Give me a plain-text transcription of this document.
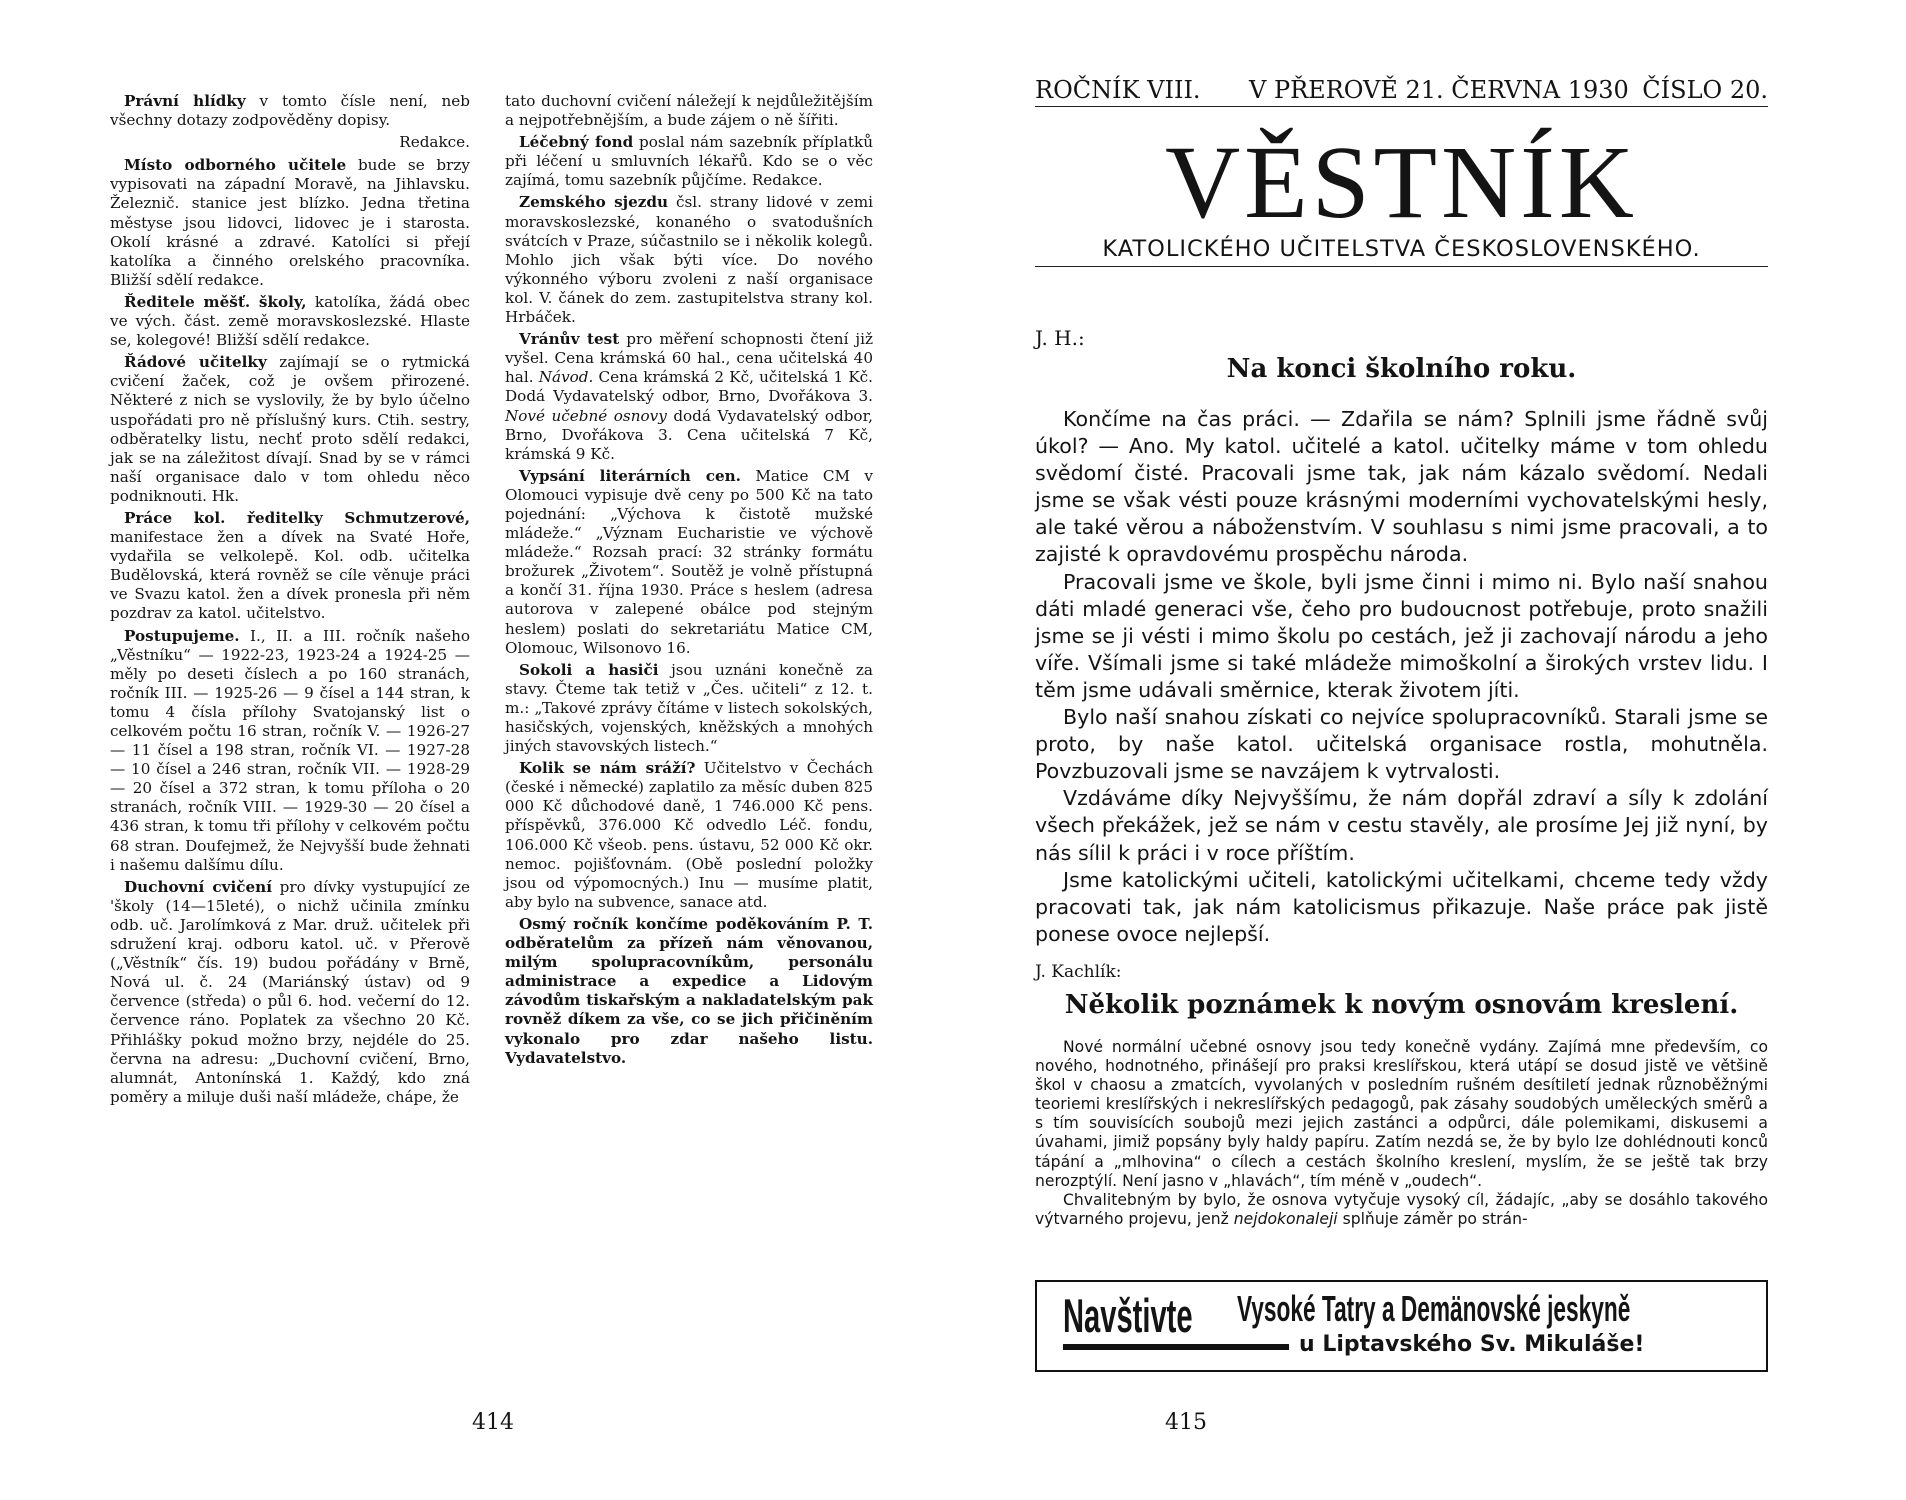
Právní hlídky v tomto čísle není, neb všechny dotazy zodpověděny dopisy.

Redakce.

Místo odborného učitele bude se brzy vypisovati na západní Moravě, na Jihlavsku. Železnič. stanice jest blízko. Jedna třetina městyse jsou lidovci, lidovec je i starosta. Okolí krásné a zdravé. Katolíci si přejí katolíka a činného orelského pracovníka. Bližší sdělí redakce.

Ředitele měšť. školy, katolíka, žádá obec ve vých. část. země moravskoslezské. Hlaste se, kolegové! Bližší sdělí redakce.

Řádové učitelky zajímají se o rytmická cvičení žaček, což je ovšem přirozené. Některé z nich se vyslovily, že by bylo účelno uspořádati pro ně příslušný kurs. Ctih. sestry, odběratelky listu, nechť proto sdělí redakci, jak se na záležitost dívají. Snad by se v rámci naší organisace dalo v tom ohledu něco podniknouti. Hk.

Práce kol. ředitelky Schmutzerové, manifestace žen a dívek na Svaté Hoře, vydařila se velkolepě. Kol. odb. učitelka Budělovská, která rovněž se cíle věnuje práci ve Svazu katol. žen a dívek pronesla při něm pozdrav za katol. učitelstvo.

Postupujeme. I., II. a III. ročník našeho „Věstníku“ — 1922-23, 1923-24 a 1924-25 — měly po deseti číslech a po 160 stranách, ročník III. — 1925-26 — 9 čísel a 144 stran, k tomu 4 čísla přílohy Svatojanský list o celkovém počtu 16 stran, ročník V. — 1926-27 — 11 čísel a 198 stran, ročník VI. — 1927-28 — 10 čísel a 246 stran, ročník VII. — 1928-29 — 20 čísel a 372 stran, k tomu příloha o 20 stranách, ročník VIII. — 1929-30 — 20 čísel a 436 stran, k tomu tři přílohy v celkovém počtu 68 stran. Doufejmež, že Nejvyšší bude žehnati i našemu dalšímu dílu.

Duchovní cvičení pro dívky vystupující ze 'školy (14—15leté), o nichž učinila zmínku odb. uč. Jarolímková z Mar. druž. učitelek při sdružení kraj. odboru katol. uč. v Přerově („Věstník“ čís. 19) budou pořádány v Brně, Nová ul. č. 24 (Mariánský ústav) od 9 července (středa) o půl 6. hod. večerní do 12. července ráno. Poplatek za všechno 20 Kč. Přihlášky pokud možno brzy, nejdéle do 25. června na adresu: „Duchovní cvičení, Brno, alumnát, Antonínská 1. Každý, kdo zná poměry a miluje duši naší mládeže, chápe, že

tato duchovní cvičení náležejí k nejdůležitějším a nejpotřebnějším, a bude zájem o ně šířiti.

Léčebný fond poslal nám sazebník příplatků při léčení u smluvních lékařů. Kdo se o věc zajímá, tomu sazebník půjčíme. Redakce.

Zemského sjezdu čsl. strany lidové v zemi moravskoslezské, konaného o svatodušních svátcích v Praze, súčastnilo se i několik kolegů. Mohlo jich však býti více. Do nového výkonného výboru zvoleni z naší organisace kol. V. čánek do zem. zastupitelstva strany kol. Hrbáček.

Vránův test pro měření schopnosti čtení již vyšel. Cena krámská 60 hal., cena učitelská 40 hal. Návod. Cena krámská 2 Kč, učitelská 1 Kč. Dodá Vydavatelský odbor, Brno, Dvořákova 3. Nové učebné osnovy dodá Vydavatelský odbor, Brno, Dvořákova 3. Cena učitelská 7 Kč, krámská 9 Kč.

Vypsání literárních cen. Matice CM v Olomouci vypisuje dvě ceny po 500 Kč na tato pojednání: „Výchova k čistotě mužské mládeže.“ „Význam Eucharistie ve výchově mládeže.“ Rozsah prací: 32 stránky formátu brožurek „Životem“. Soutěž je volně přístupná a končí 31. října 1930. Práce s heslem (adresa autorova v zalepené obálce pod stejným heslem) poslati do sekretariátu Matice CM, Olomouc, Wilsonovo 16.

Sokoli a hasiči jsou uznáni konečně za stavy. Čteme tak tetiž v „Čes. učiteli“ z 12. t. m.: „Takové zprávy čítáme v listech sokolských, hasičských, vojenských, kněžských a mnohých jiných stavovských listech.“

Kolik se nám sráží? Učitelstvo v Čechách (české i německé) zaplatilo za měsíc duben 825 000 Kč důchodové daně, 1 746.000 Kč pens. příspěvků, 376.000 Kč odvedlo Léč. fondu, 106.000 Kč všeob. pens. ústavu, 52 000 Kč okr. nemoc. pojišťovnám. (Obě poslední položky jsou od výpomocných.) Inu — musíme platit, aby bylo na subvence, sanace atd.

Osmý ročník končíme poděkováním P. T. odběratelům za přízeň nám věnovanou, milým spolupracovníkům, personálu administrace a expedice a Lidovým závodům tiskařským a nakladatelským pak rovněž díkem za vše, co se jich přičiněním vykonalo pro zdar našeho listu. Vydavatelstvo.

414
ROČNÍK VIII. V PŘEROVĚ 21. ČERVNA 1930 ČÍSLO 20.
VĚSTNÍK
KATOLICKÉHO UČITELSTVA ČESKOSLOVENSKÉHO.
J. H.:
Na konci školního roku.

Končíme na čas práci. — Zdařila se nám? Splnili jsme řádně svůj úkol? — Ano. My katol. učitelé a katol. učitelky máme v tom ohledu svědomí čisté. Pracovali jsme tak, jak nám kázalo svědomí. Nedali jsme se však vésti pouze krásnými moderními vychovatelskými hesly, ale také věrou a náboženstvím. V souhlasu s nimi jsme pracovali, a to zajisté k opravdovému prospěchu národa.

Pracovali jsme ve škole, byli jsme činni i mimo ni. Bylo naší snahou dáti mladé generaci vše, čeho pro budoucnost potřebuje, proto snažili jsme se ji vésti i mimo školu po cestách, jež ji zachovají národu a jeho víře. Všímali jsme si také mládeže mimoškolní a širokých vrstev lidu. I těm jsme udávali směrnice, kterak životem jíti.

Bylo naší snahou získati co nejvíce spolupracovníků. Starali jsme se proto, by naše katol. učitelská organisace rostla, mohutněla. Povzbuzovali jsme se navzájem k vytrvalosti.

Vzdáváme díky Nejvyššímu, že nám dopřál zdraví a síly k zdolání všech překážek, jež se nám v cestu stavěly, ale prosíme Jej již nyní, by nás sílil k práci i v roce příštím.

Jsme katolickými učiteli, katolickými učitelkami, chceme tedy vždy pracovati tak, jak nám katolicismus přikazuje. Naše práce pak jistě ponese ovoce nejlepší.

J. Kachlík:
Několik poznámek k novým osnovám kreslení.

Nové normální učebné osnovy jsou tedy konečně vydány. Zajímá mne především, co nového, hodnotného, přinášejí pro praksi kreslířskou, která utápí se dosud jistě ve většině škol v chaosu a zmatcích, vyvolaných v posledním rušném desítiletí jednak různoběžnými teoriemi kreslířských i nekreslířských pedagogů, pak zásahy soudobých uměleckých směrů a s tím souvisících soubojů mezi jejich zastánci a odpůrci, dále polemikami, diskusemi a úvahami, jimiž popsány byly haldy papíru. Zatím nezdá se, že by bylo lze dohlédnouti konců tápání a „mlhovina“ o cílech a cestách školního kreslení, myslím, že se ještě tak brzy nerozptýlí. Není jasno v „hlavách“, tím méně v „oudech“.

Chvalitebným by bylo, že osnova vytyčuje vysoký cíl, žádajíc, „aby se dosáhlo takového výtvarného projevu, jenž nejdokonaleji splňuje záměr po strán-

Navštivte Vysoké Tatry a Demänovské jeskyně
u Liptavského Sv. Mikuláše!
415
